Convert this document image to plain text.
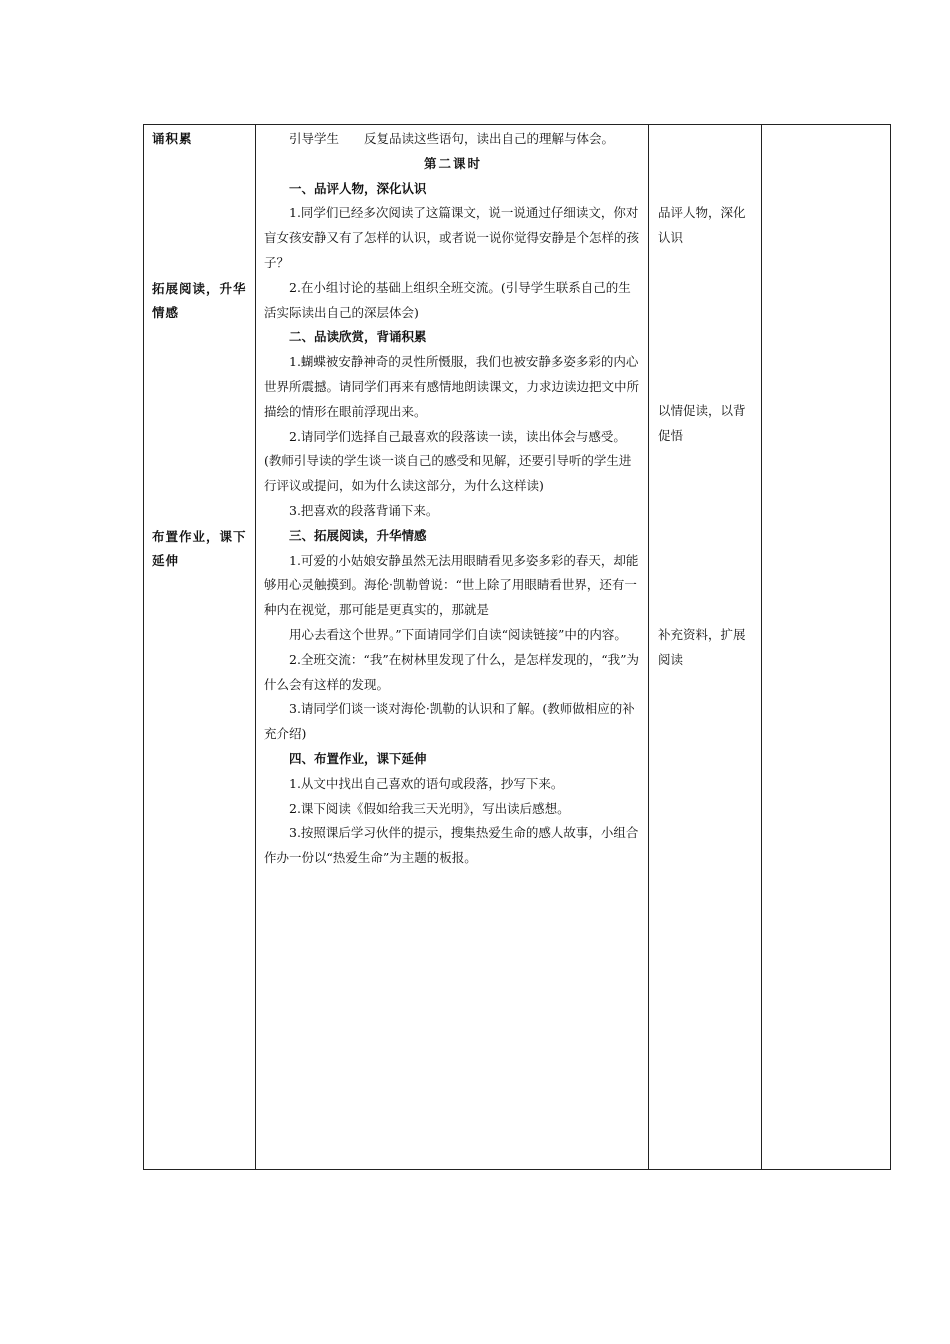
诵积累
拓展阅读，升华情感
布置作业，课下延伸

引导学生　　反复品读这些语句，读出自己的理解与体会。

第二课时

一、品评人物，深化认识

1.同学们已经多次阅读了这篇课文，说一说通过仔细读文，你对盲女孩安静又有了怎样的认识，或者说一说你觉得安静是个怎样的孩子？

2.在小组讨论的基础上组织全班交流。(引导学生联系自己的生活实际读出自己的深层体会)

二、品读欣赏，背诵积累

1.蝴蝶被安静神奇的灵性所慑服，我们也被安静多姿多彩的内心世界所震撼。请同学们再来有感情地朗读课文，力求边读边把文中所描绘的情形在眼前浮现出来。

2.请同学们选择自己最喜欢的段落读一读，读出体会与感受。(教师引导读的学生谈一谈自己的感受和见解，还要引导听的学生进行评议或提问，如为什么读这部分，为什么这样读)

3.把喜欢的段落背诵下来。

三、拓展阅读，升华情感

1.可爱的小姑娘安静虽然无法用眼睛看见多姿多彩的春天，却能够用心灵触摸到。海伦·凯勒曾说：“世上除了用眼睛看世界，还有一种内在视觉，那可能是更真实的，那就是

用心去看这个世界。”下面请同学们自读“阅读链接”中的内容。

2.全班交流：“我”在树林里发现了什么，是怎样发现的，“我”为什么会有这样的发现。

3.请同学们谈一谈对海伦·凯勒的认识和了解。(教师做相应的补充介绍)

四、布置作业，课下延伸

1.从文中找出自己喜欢的语句或段落，抄写下来。

2.课下阅读《假如给我三天光明》，写出读后感想。

3.按照课后学习伙伴的提示，搜集热爱生命的感人故事，小组合作办一份以“热爱生命”为主题的板报。

品评人物，深化认识
以情促读，以背促悟
补充资料，扩展阅读
